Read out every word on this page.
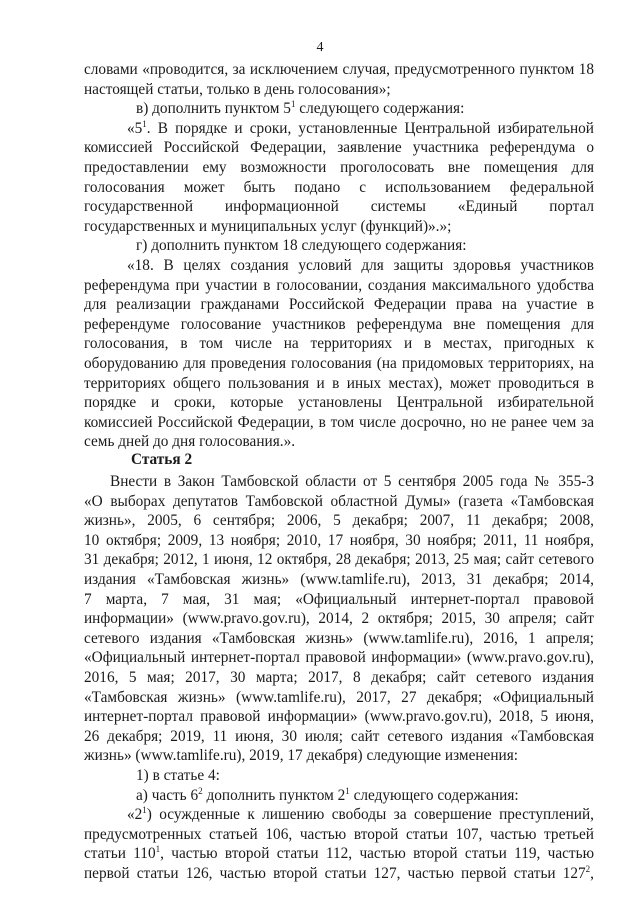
4
словами «проводится, за исключением случая, предусмотренного пунктом 18
настоящей статьи, только в день голосования»;
в) дополнить пунктом $5^1$ следующего содержания:
«$5^1$. В порядке и сроки, установленные Центральной избирательной
комиссией Российской Федерации, заявление участника референдума о
предоставлении ему возможности проголосовать вне помещения для
голосования может быть подано с использованием федеральной
государственной информационной системы «Единый портал
государственных и муниципальных услуг (функций)».»;
г) дополнить пунктом 18 следующего содержания:
«18. В целях создания условий для защиты здоровья участников
референдума при участии в голосовании, создания максимального удобства
для реализации гражданами Российской Федерации права на участие в
референдуме голосование участников референдума вне помещения для
голосования, в том числе на территориях и в местах, пригодных к
оборудованию для проведения голосования (на придомовых территориях, на
территориях общего пользования и в иных местах), может проводиться в
порядке и сроки, которые установлены Центральной избирательной
комиссией Российской Федерации, в том числе досрочно, но не ранее чем за
семь дней до дня голосования.».
Статья 2
Внести в Закон Тамбовской области от 5 сентября 2005 года № 355-З
«О выборах депутатов Тамбовской областной Думы» (газета «Тамбовская
жизнь», 2005, 6 сентября; 2006, 5 декабря; 2007, 11 декабря; 2008,
10 октября; 2009, 13 ноября; 2010, 17 ноября, 30 ноября; 2011, 11 ноября,
31 декабря; 2012, 1 июня, 12 октября, 28 декабря; 2013, 25 мая; сайт сетевого
издания «Тамбовская жизнь» (www.tamlife.ru), 2013, 31 декабря; 2014,
7 марта, 7 мая, 31 мая; «Официальный интернет-портал правовой
информации» (www.pravo.gov.ru), 2014, 2 октября; 2015, 30 апреля; сайт
сетевого издания «Тамбовская жизнь» (www.tamlife.ru), 2016, 1 апреля;
«Официальный интернет-портал правовой информации» (www.pravo.gov.ru),
2016, 5 мая; 2017, 30 марта; 2017, 8 декабря; сайт сетевого издания
«Тамбовская жизнь» (www.tamlife.ru), 2017, 27 декабря; «Официальный
интернет-портал правовой информации» (www.pravo.gov.ru), 2018, 5 июня,
26 декабря; 2019, 11 июня, 30 июля; сайт сетевого издания «Тамбовская
жизнь» (www.tamlife.ru), 2019, 17 декабря) следующие изменения:
1) в статье 4:
а) часть $6^2$ дополнить пунктом $2^1$ следующего содержания:
«$2^1$) осужденные к лишению свободы за совершение преступлений,
предусмотренных статьей 106, частью второй статьи 107, частью третьей
статьи $110^1$, частью второй статьи 112, частью второй статьи 119, частью
первой статьи 126, частью второй статьи 127, частью первой статьи $127^2$,
